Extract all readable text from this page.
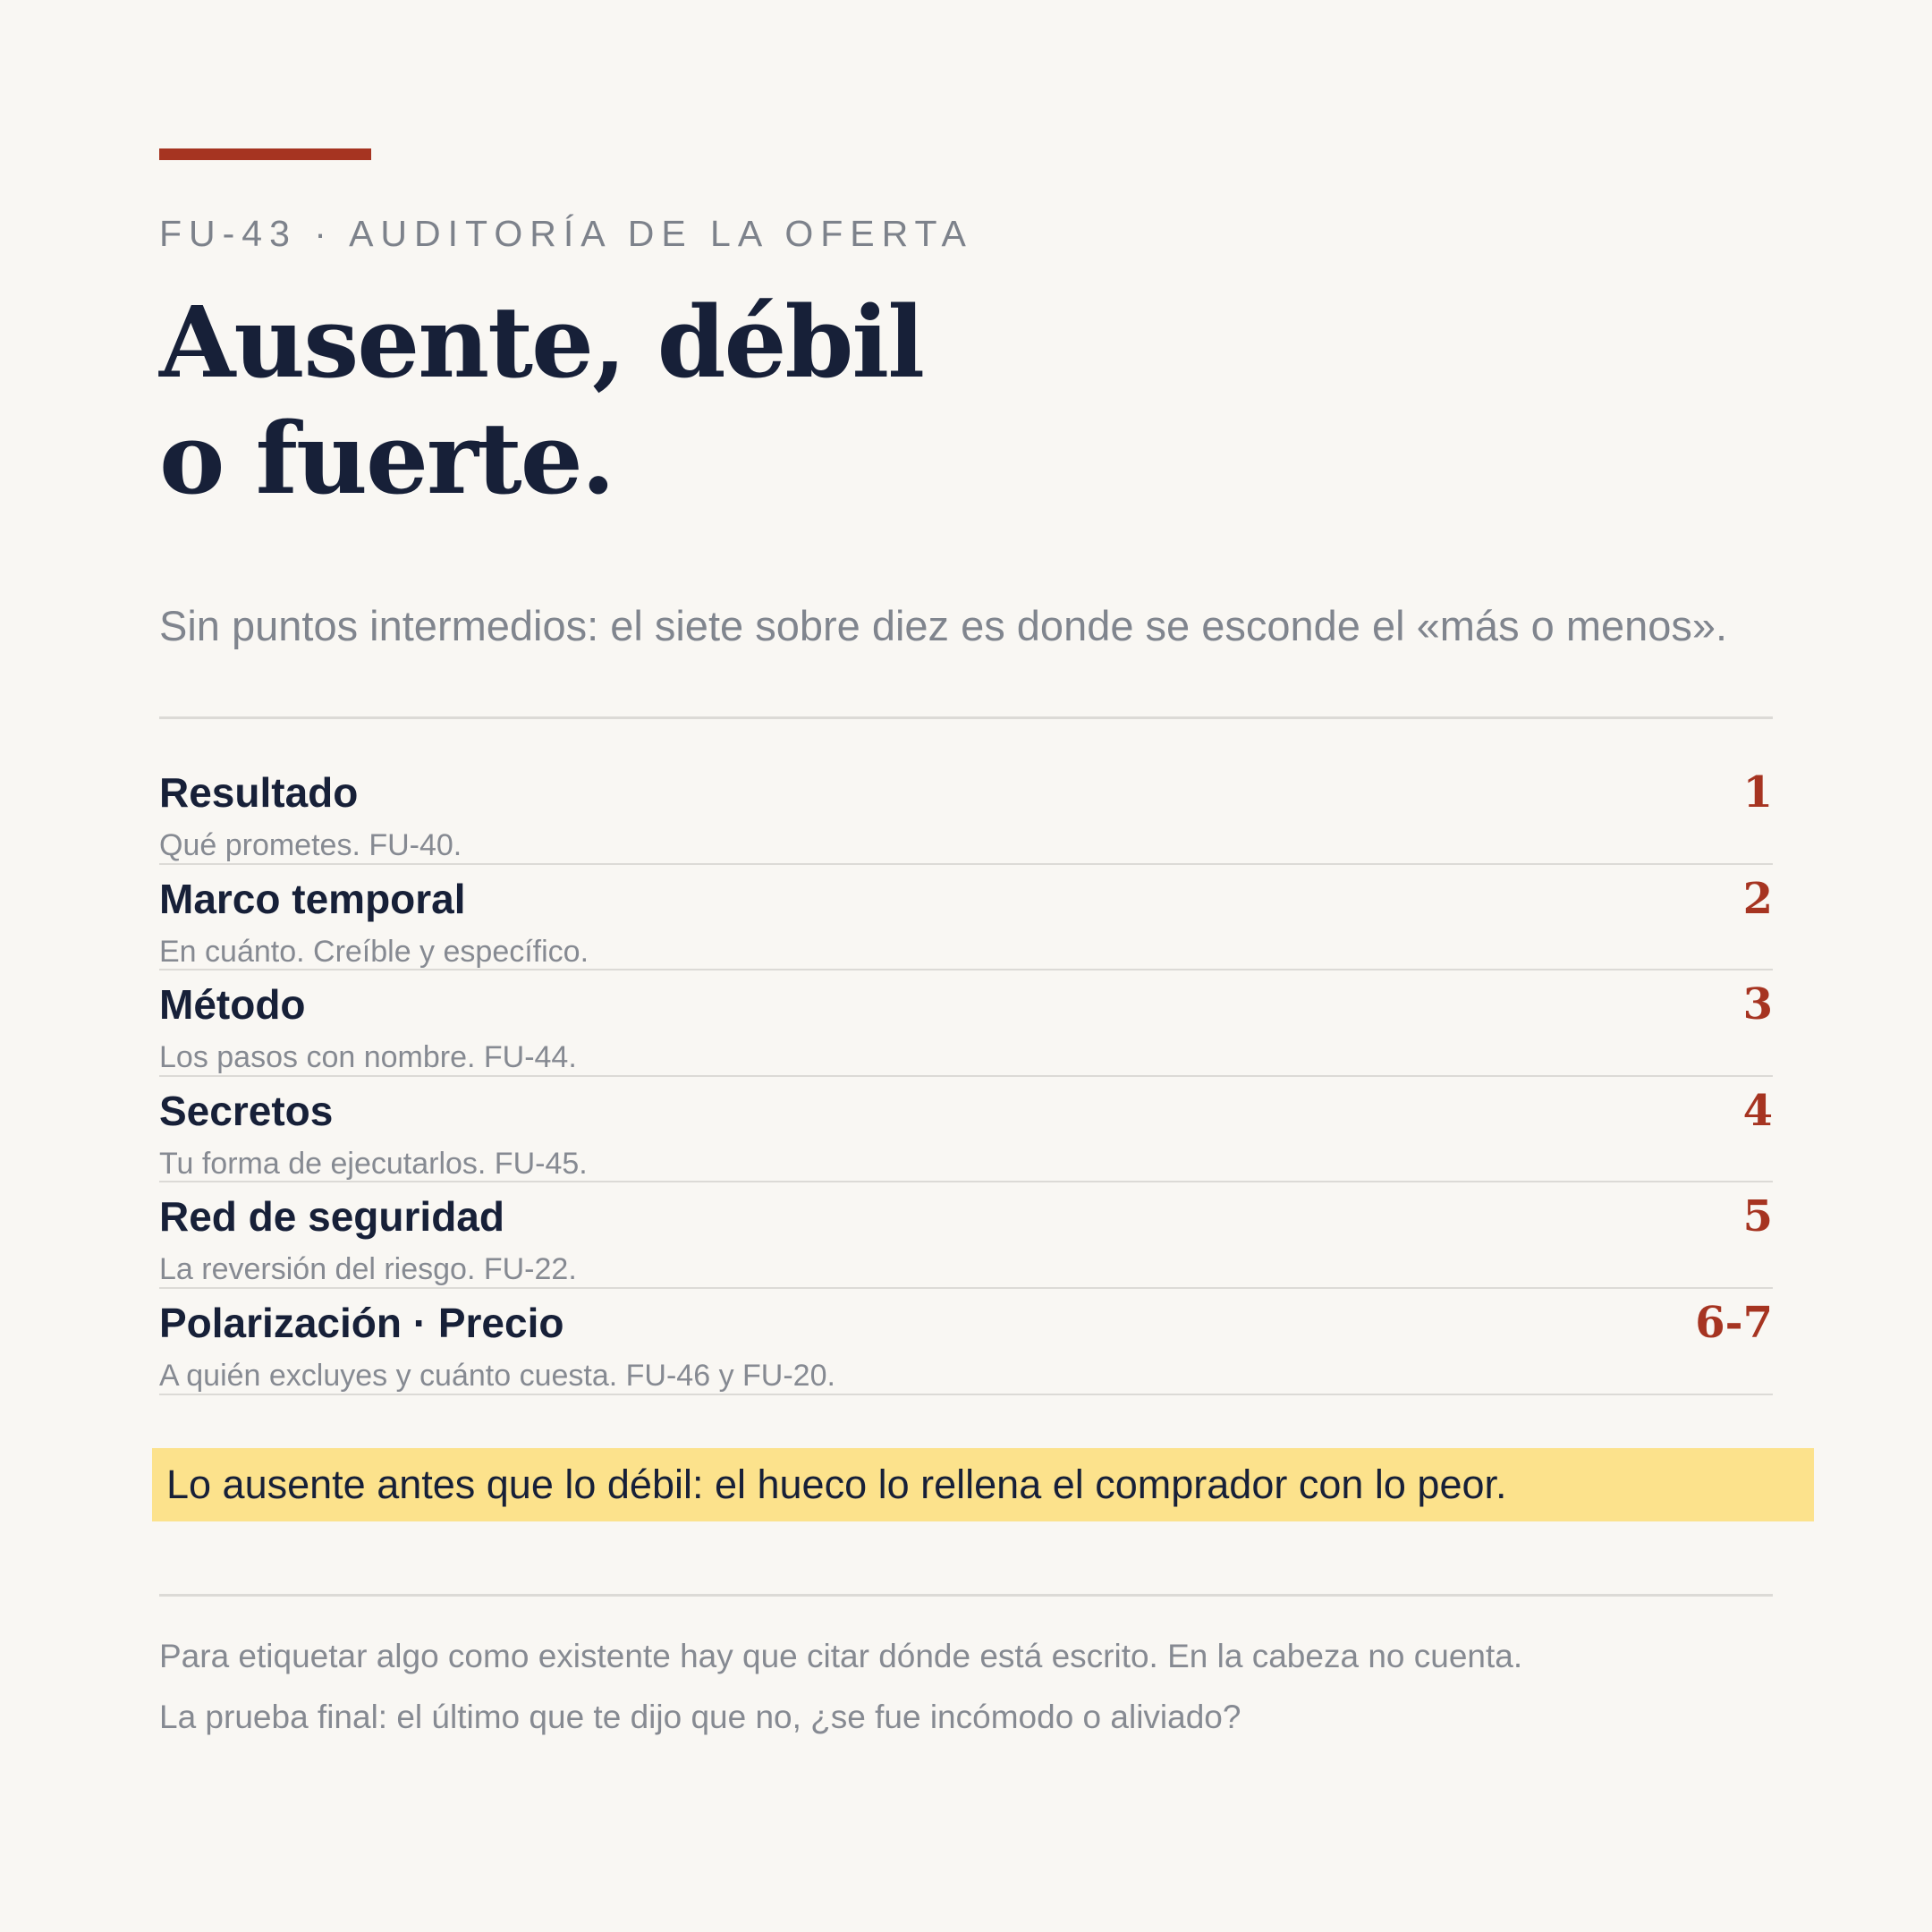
FU-43 · AUDITORÍA DE LA OFERTA
Ausente, débil
o fuerte.
Sin puntos intermedios: el siete sobre diez es donde se esconde el «más o menos».
Resultado
Qué prometes. FU-40.
1
Marco temporal
En cuánto. Creíble y específico.
2
Método
Los pasos con nombre. FU-44.
3
Secretos
Tu forma de ejecutarlos. FU-45.
4
Red de seguridad
La reversión del riesgo. FU-22.
5
Polarización · Precio
A quién excluyes y cuánto cuesta. FU-46 y FU-20.
6-7
Lo ausente antes que lo débil: el hueco lo rellena el comprador con lo peor.
Para etiquetar algo como existente hay que citar dónde está escrito. En la cabeza no cuenta.
La prueba final: el último que te dijo que no, ¿se fue incómodo o aliviado?
